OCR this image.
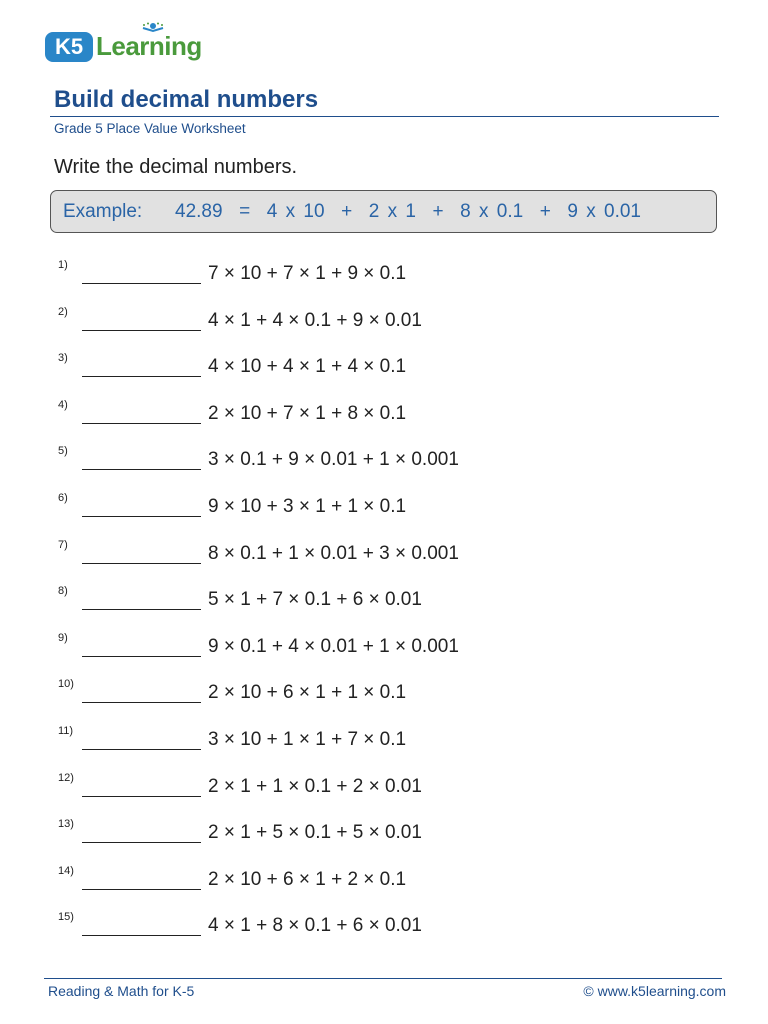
K5 Learning
Build decimal numbers
Grade 5 Place Value Worksheet
Write the decimal numbers.
Example: 42.89  =  4 x 10  +  2 x 1  +  8 x 0.1  +  9 x 0.01
1)	7 × 10 + 7 × 1 + 9 × 0.1
2)	4 × 1 + 4 × 0.1 + 9 × 0.01
3)	4 × 10 + 4 × 1 + 4 × 0.1
4)	2 × 10 + 7 × 1 + 8 × 0.1
5)	3 × 0.1 + 9 × 0.01 + 1 × 0.001
6)	9 × 10 + 3 × 1 + 1 × 0.1
7)	8 × 0.1 + 1 × 0.01 + 3 × 0.001
8)	5 × 1 + 7 × 0.1 + 6 × 0.01
9)	9 × 0.1 + 4 × 0.01 + 1 × 0.001
10)	2 × 10 + 6 × 1 + 1 × 0.1
11)	3 × 10 + 1 × 1 + 7 × 0.1
12)	2 × 1 + 1 × 0.1 + 2 × 0.01
13)	2 × 1 + 5 × 0.1 + 5 × 0.01
14)	2 × 10 + 6 × 1 + 2 × 0.1
15)	4 × 1 + 8 × 0.1 + 6 × 0.01
Reading & Math for K-5	© www.k5learning.com
